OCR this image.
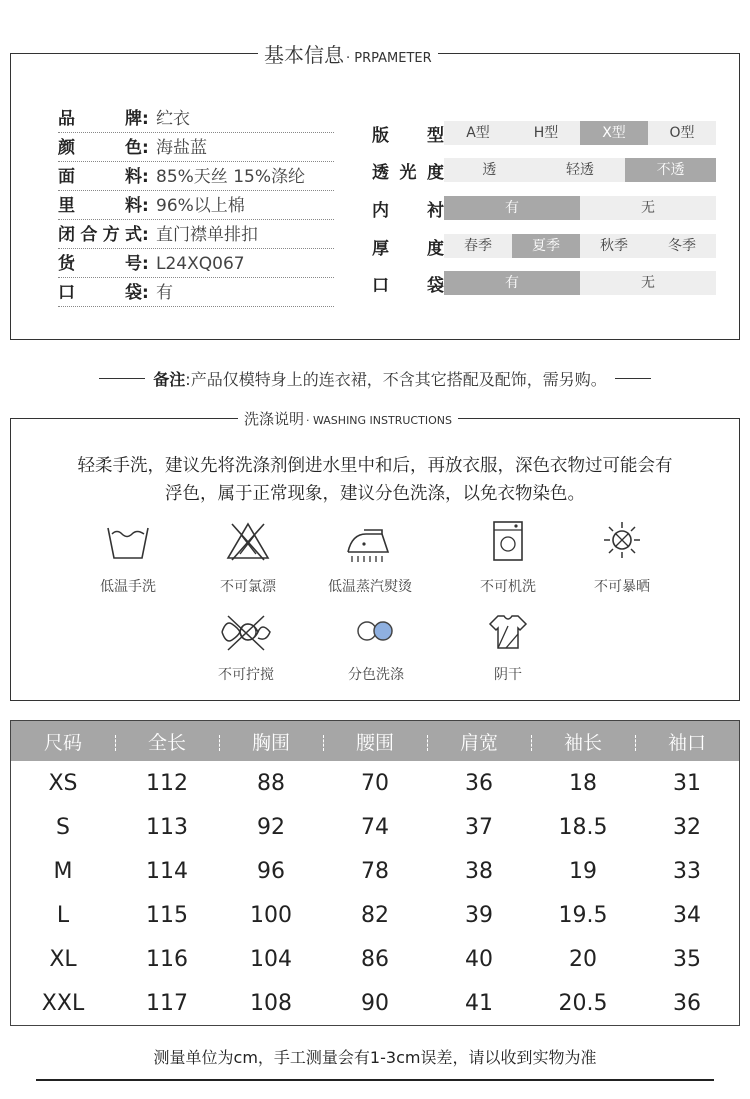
基本信息 · PRPAMETER
品 牌 : 纻衣
颜 色 : 海盐蓝
面 料 : 85%天丝 15%涤纶
里 料 : 96%以上棉
闭合方式 : 直门襟单排扣
货 号 : L24XQ067
口 袋 : 有
版型	A型	H型	X型	O型
透光度	透	轻透	不透
内 衬	有	无
厚 度	春季	夏季	秋季	冬季
口 袋	有	无
备注 :产品仅模特身上的连衣裙，不含其它搭配及配饰，需另购。
洗涤说明 · WASHING INSTRUCTIONS
轻柔手洗，建议先将洗涤剂倒进水里中和后，再放衣服，深色衣物过可能会有
浮色，属于正常现象，建议分色洗涤，以免衣物染色。
低温手洗	不可氯漂	低温蒸汽熨烫	不可机洗	不可暴晒
不可拧搅	分色洗涤	阴干
尺码	全长	胸围	腰围	肩宽	袖长	袖口
XS	112	88	70	36	18	31
S	113	92	74	37	18.5	32
M	114	96	78	38	19	33
L	115	100	82	39	19.5	34
XL	116	104	86	40	20	35
XXL	117	108	90	41	20.5	36
测量单位为cm，手工测量会有1-3cm误差，请以收到实物为准
